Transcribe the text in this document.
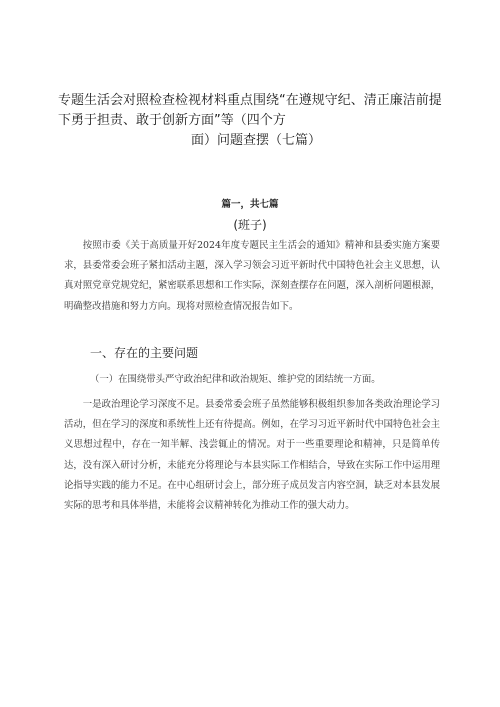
专题生活会对照检查检视材料重点围绕“在遵规守纪、清正廉洁前提
下勇于担责、敢于创新方面”等（四个方

面）问题查摆（七篇）
篇一，共七篇
(班子)

按照市委《关于高质量开好2024年度专题民主生活会的通知》精神和县委实施方案要求，县委常委会班子紧扣活动主题，深入学习领会习近平新时代中国特色社会主义思想，认真对照党章党规党纪，紧密联系思想和工作实际，深刻查摆存在问题，深入剖析问题根源，明确整改措施和努力方向。现将对照检查情况报告如下。

一、存在的主要问题
（一）在围绕带头严守政治纪律和政治规矩、维护党的团结统一方面。

一是政治理论学习深度不足。县委常委会班子虽然能够积极组织参加各类政治理论学习活动，但在学习的深度和系统性上还有待提高。例如，在学习习近平新时代中国特色社会主义思想过程中，存在一知半解、浅尝辄止的情况。对于一些重要理论和精神，只是简单传达，没有深入研讨分析，未能充分将理论与本县实际工作相结合，导致在实际工作中运用理论指导实践的能力不足。在中心组研讨会上，部分班子成员发言内容空洞，缺乏对本县发展实际的思考和具体举措，未能将会议精神转化为推动工作的强大动力。
